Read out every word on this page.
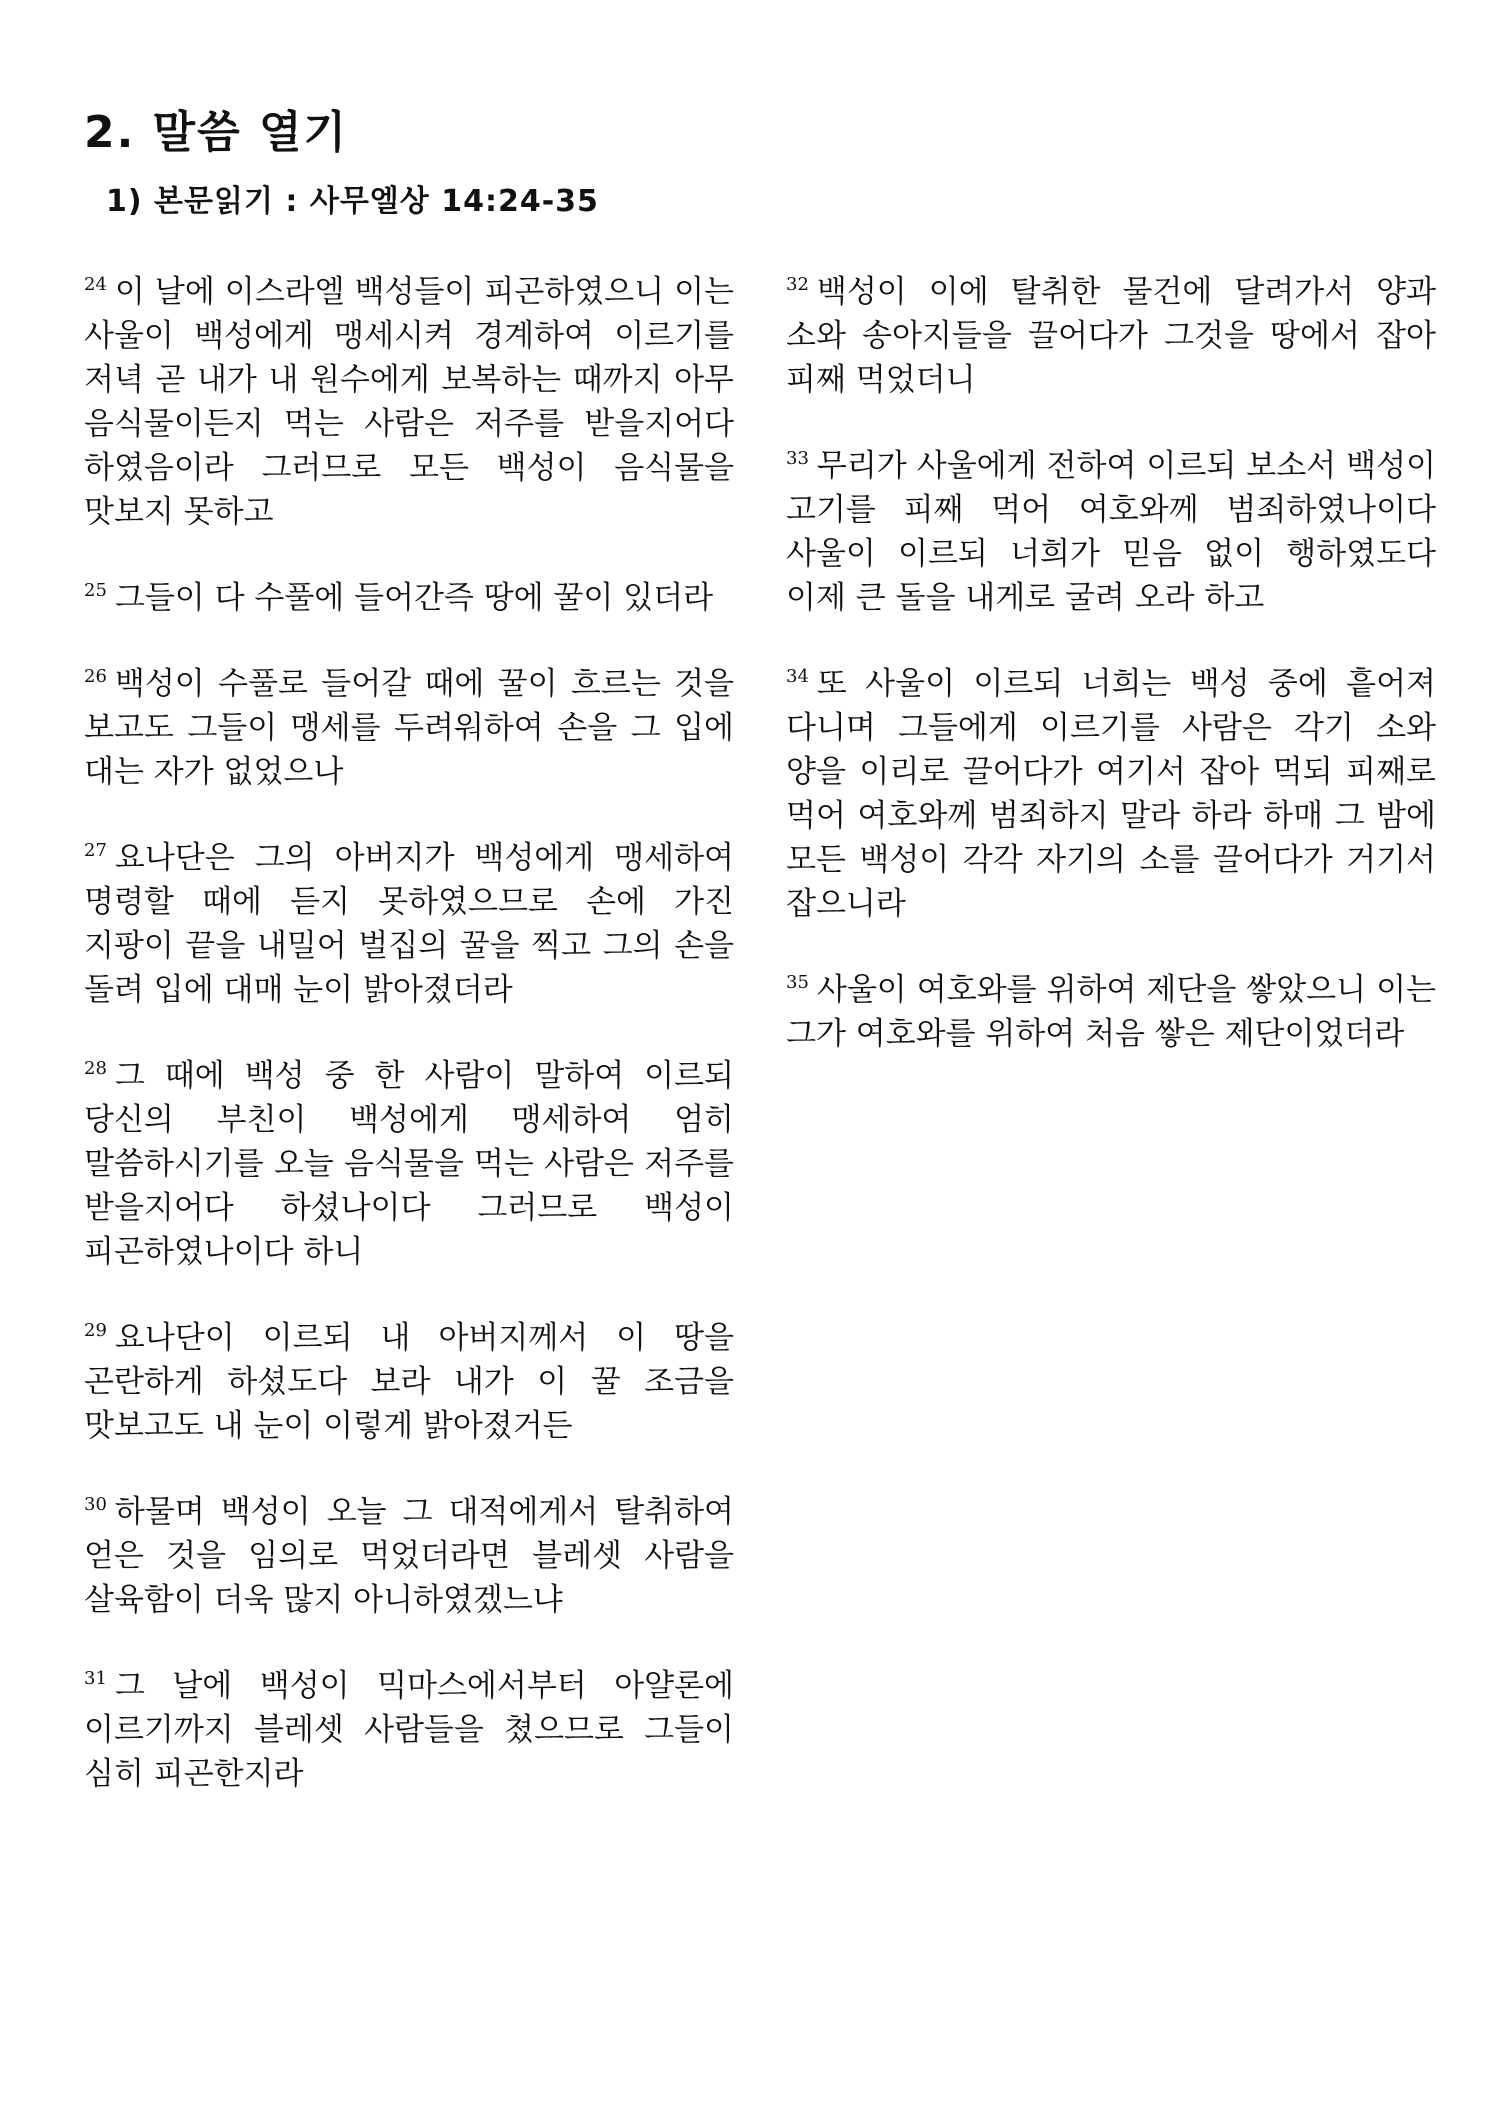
2. 말씀 열기
1) 본문읽기 : 사무엘상 14:24-35

$^{24}$ 이 날에 이스라엘 백성들이 피곤하였으니 이는 사울이 백성에게 맹세시켜 경계하여 이르기를 저녁 곧 내가 내 원수에게 보복하는 때까지 아무 음식물이든지 먹는 사람은 저주를 받을지어다 하였음이라 그러므로 모든 백성이 음식물을 맛보지 못하고

$^{25}$ 그들이 다 수풀에 들어간즉 땅에 꿀이 있더라

$^{26}$ 백성이 수풀로 들어갈 때에 꿀이 흐르는 것을 보고도 그들이 맹세를 두려워하여 손을 그 입에 대는 자가 없었으나

$^{27}$ 요나단은 그의 아버지가 백성에게 맹세하여 명령할 때에 듣지 못하였으므로 손에 가진 지팡이 끝을 내밀어 벌집의 꿀을 찍고 그의 손을 돌려 입에 대매 눈이 밝아졌더라

$^{28}$ 그 때에 백성 중 한 사람이 말하여 이르되 당신의 부친이 백성에게 맹세하여 엄히 말씀하시기를 오늘 음식물을 먹는 사람은 저주를 받을지어다 하셨나이다 그러므로 백성이 피곤하였나이다 하니

$^{29}$ 요나단이 이르되 내 아버지께서 이 땅을 곤란하게 하셨도다 보라 내가 이 꿀 조금을 맛보고도 내 눈이 이렇게 밝아졌거든

$^{30}$ 하물며 백성이 오늘 그 대적에게서 탈취하여 얻은 것을 임의로 먹었더라면 블레셋 사람을 살육함이 더욱 많지 아니하였겠느냐

$^{31}$ 그 날에 백성이 믹마스에서부터 아얄론에 이르기까지 블레셋 사람들을 쳤으므로 그들이 심히 피곤한지라

$^{32}$ 백성이 이에 탈취한 물건에 달려가서 양과 소와 송아지들을 끌어다가 그것을 땅에서 잡아 피째 먹었더니

$^{33}$ 무리가 사울에게 전하여 이르되 보소서 백성이 고기를 피째 먹어 여호와께 범죄하였나이다 사울이 이르되 너희가 믿음 없이 행하였도다 이제 큰 돌을 내게로 굴려 오라 하고

$^{34}$ 또 사울이 이르되 너희는 백성 중에 흩어져 다니며 그들에게 이르기를 사람은 각기 소와 양을 이리로 끌어다가 여기서 잡아 먹되 피째로 먹어 여호와께 범죄하지 말라 하라 하매 그 밤에 모든 백성이 각각 자기의 소를 끌어다가 거기서 잡으니라

$^{35}$ 사울이 여호와를 위하여 제단을 쌓았으니 이는 그가 여호와를 위하여 처음 쌓은 제단이었더라
